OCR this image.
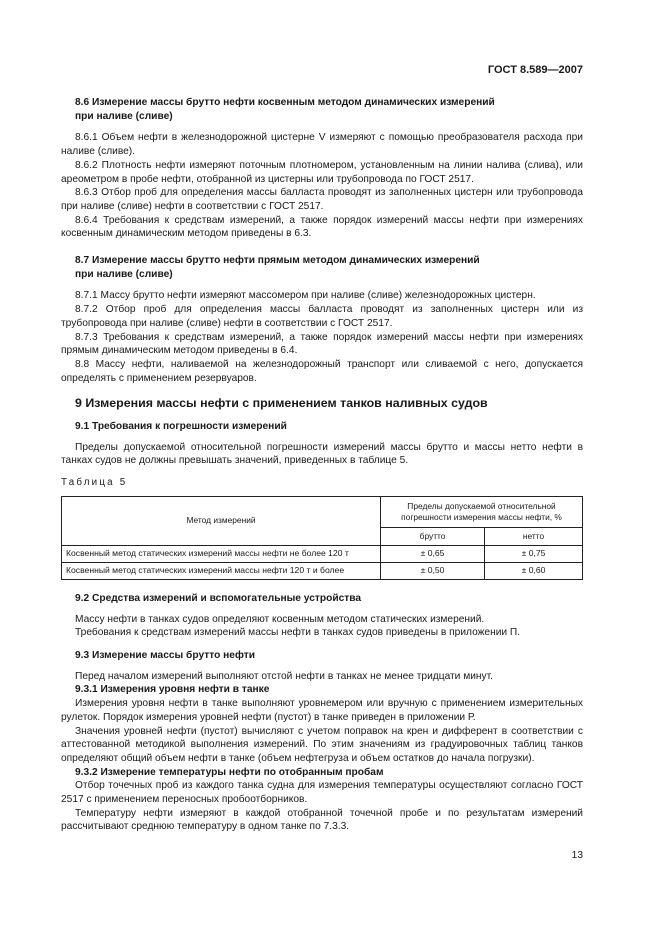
ГОСТ 8.589—2007
8.6 Измерение массы брутто нефти косвенным методом динамических измерений
при наливе (сливе)

8.6.1 Объем нефти в железнодорожной цистерне V измеряют с помощью преобразователя расхода при наливе (сливе).

8.6.2 Плотность нефти измеряют поточным плотномером, установленным на линии налива (слива), или ареометром в пробе нефти, отобранной из цистерны или трубопровода по ГОСТ 2517.

8.6.3 Отбор проб для определения массы балласта проводят из заполненных цистерн или трубопровода при наливе (сливе) нефти в соответствии с ГОСТ 2517.

8.6.4 Требования к средствам измерений, а также порядок измерений массы нефти при измерениях косвенным динамическим методом приведены в 6.3.

8.7 Измерение массы брутто нефти прямым методом динамических измерений
при наливе (сливе)

8.7.1 Массу брутто нефти измеряют массомером при наливе (сливе) железнодорожных цистерн.

8.7.2 Отбор проб для определения массы балласта проводят из заполненных цистерн или из трубопровода при наливе (сливе) нефти в соответствии с ГОСТ 2517.

8.7.3 Требования к средствам измерений, а также порядок измерений массы нефти при измерениях прямым динамическим методом приведены в 6.4.

8.8 Массу нефти, наливаемой на железнодорожный транспорт или сливаемой с него, допускается определять с применением резервуаров.

9 Измерения массы нефти с применением танков наливных судов
9.1 Требования к погрешности измерений

Пределы допускаемой относительной погрешности измерений массы брутто и массы нетто нефти в танках судов не должны превышать значений, приведенных в таблице 5.

Таблица 5
Метод измерений	Пределы допускаемой относительной погрешности измерения массы нефти, %	
	брутто	нетто
Косвенный метод статических измерений массы нефти не более 120 т	± 0,65	± 0,75
Косвенный метод статических измерений массы нефти 120 т и более	± 0,50	± 0,60
9.2 Средства измерений и вспомогательные устройства

Массу нефти в танках судов определяют косвенным методом статических измерений.

Требования к средствам измерений массы нефти в танках судов приведены в приложении П.

9.3 Измерение массы брутто нефти

Перед началом измерений выполняют отстой нефти в танках не менее тридцати минут.

9.3.1 Измерения уровня нефти в танке

Измерения уровня нефти в танке выполняют уровнемером или вручную с применением измерительных рулеток. Порядок измерения уровней нефти (пустот) в танке приведен в приложении Р.

Значения уровней нефти (пустот) вычисляют с учетом поправок на крен и дифферент в соответствии с аттестованной методикой выполнения измерений. По этим значениям из градуировочных таблиц танков определяют общий объем нефти в танке (объем нефтегруза и объем остатков до начала погрузки).

9.3.2 Измерение температуры нефти по отобранным пробам

Отбор точечных проб из каждого танка судна для измерения температуры осуществляют согласно ГОСТ 2517 с применением переносных пробоотборников.

Температуру нефти измеряют в каждой отобранной точечной пробе и по результатам измерений рассчитывают среднюю температуру в одном танке по 7.3.3.

13
